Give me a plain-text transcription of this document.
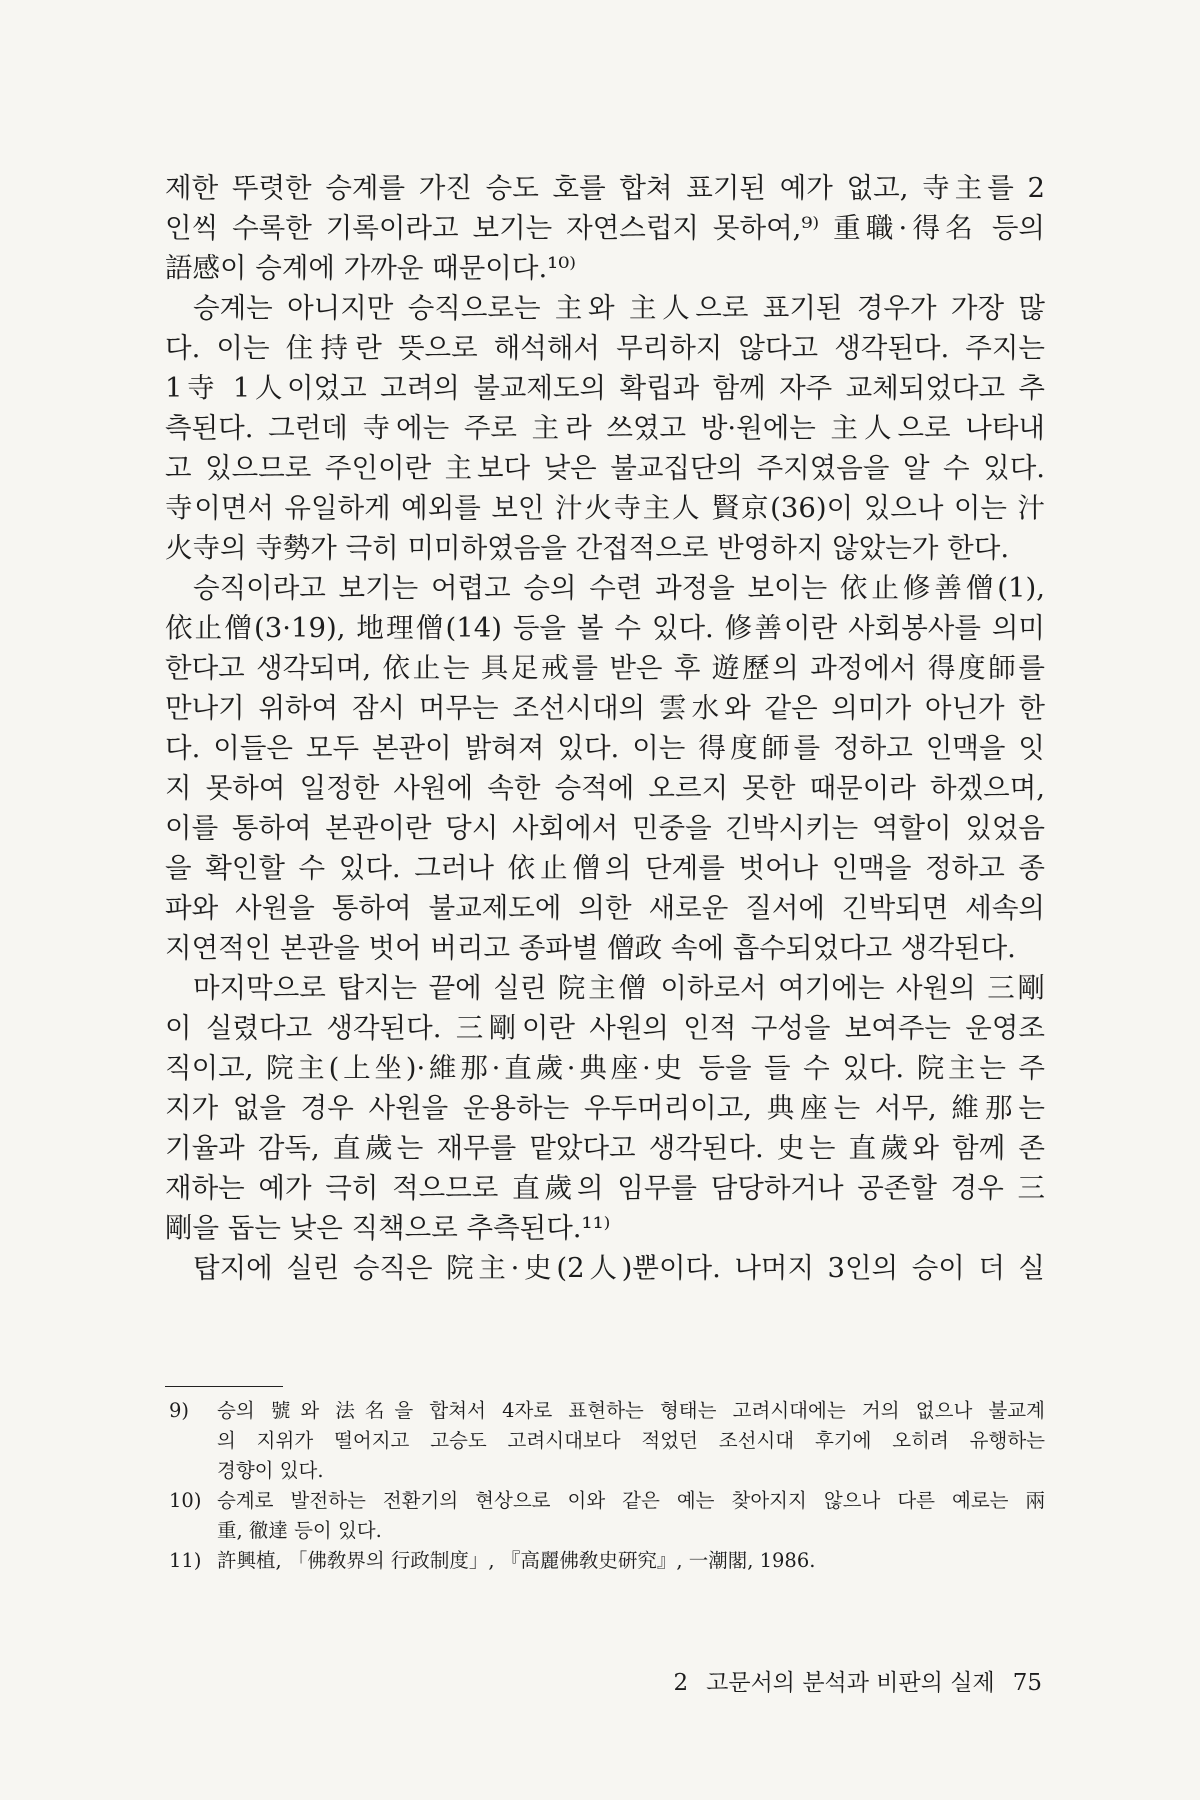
제한 뚜렷한 승계를 가진 승도 호를 합쳐 표기된 예가 없고, 寺主를 2
인씩 수록한 기록이라고 보기는 자연스럽지 못하여,⁹⁾ 重職·得名 등의
語感이 승계에 가까운 때문이다.¹⁰⁾
승계는 아니지만 승직으로는 主와 主人으로 표기된 경우가 가장 많
다. 이는 住持란 뜻으로 해석해서 무리하지 않다고 생각된다. 주지는
1寺 1人이었고 고려의 불교제도의 확립과 함께 자주 교체되었다고 추
측된다. 그런데 寺에는 주로 主라 쓰였고 방·원에는 主人으로 나타내
고 있으므로 주인이란 主보다 낮은 불교집단의 주지였음을 알 수 있다.
寺이면서 유일하게 예외를 보인 汁火寺主人 賢京(36)이 있으나 이는 汁
火寺의 寺勢가 극히 미미하였음을 간접적으로 반영하지 않았는가 한다.
승직이라고 보기는 어렵고 승의 수련 과정을 보이는 依止修善僧(1),
依止僧(3·19), 地理僧(14) 등을 볼 수 있다. 修善이란 사회봉사를 의미
한다고 생각되며, 依止는 具足戒를 받은 후 遊歷의 과정에서 得度師를
만나기 위하여 잠시 머무는 조선시대의 雲水와 같은 의미가 아닌가 한
다. 이들은 모두 본관이 밝혀져 있다. 이는 得度師를 정하고 인맥을 잇
지 못하여 일정한 사원에 속한 승적에 오르지 못한 때문이라 하겠으며,
이를 통하여 본관이란 당시 사회에서 민중을 긴박시키는 역할이 있었음
을 확인할 수 있다. 그러나 依止僧의 단계를 벗어나 인맥을 정하고 종
파와 사원을 통하여 불교제도에 의한 새로운 질서에 긴박되면 세속의
지연적인 본관을 벗어 버리고 종파별 僧政 속에 흡수되었다고 생각된다.
마지막으로 탑지는 끝에 실린 院主僧 이하로서 여기에는 사원의 三剛
이 실렸다고 생각된다. 三剛이란 사원의 인적 구성을 보여주는 운영조
직이고, 院主(上坐)·維那·直歲·典座·史 등을 들 수 있다. 院主는 주
지가 없을 경우 사원을 운용하는 우두머리이고, 典座는 서무, 維那는
기율과 감독, 直歲는 재무를 맡았다고 생각된다. 史는 直歲와 함께 존
재하는 예가 극히 적으므로 直歲의 임무를 담당하거나 공존할 경우 三
剛을 돕는 낮은 직책으로 추측된다.¹¹⁾
탑지에 실린 승직은 院主·史(2人)뿐이다. 나머지 3인의 승이 더 실
9) 승의 號와 法名을 합쳐서 4자로 표현하는 형태는 고려시대에는 거의 없으나 불교계
의 지위가 떨어지고 고승도 고려시대보다 적었던 조선시대 후기에 오히려 유행하는
경향이 있다.
10) 승계로 발전하는 전환기의 현상으로 이와 같은 예는 찾아지지 않으나 다른 예로는 兩
重, 徹達 등이 있다.
11) 許興植, 「佛敎界의 行政制度」, 『高麗佛敎史硏究』, 一潮閣, 1986.
2 고문서의 분석과 비판의 실제 75
